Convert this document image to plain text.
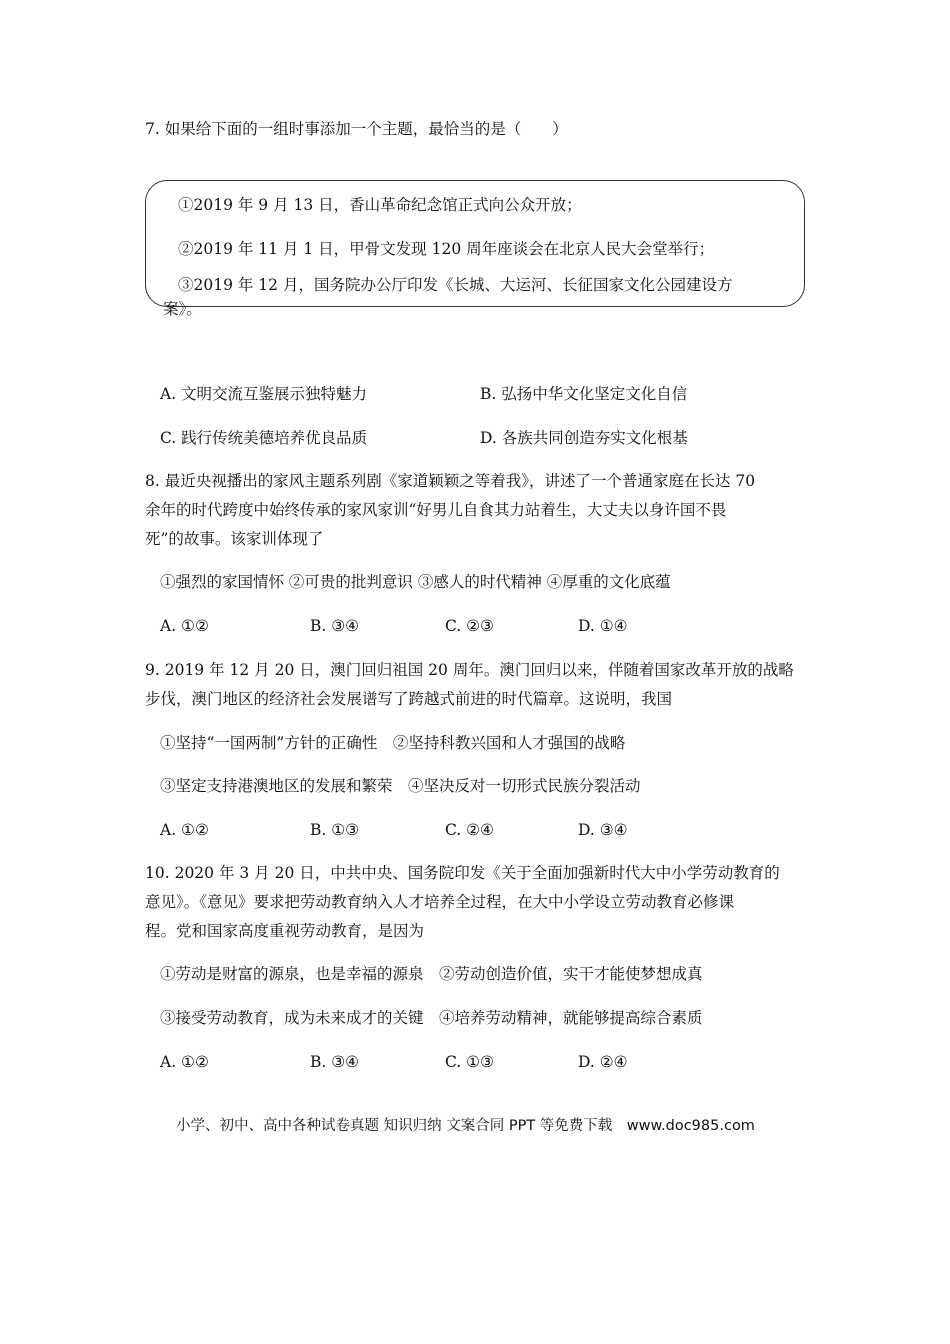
7. 如果给下面的一组时事添加一个主题，最恰当的是（　　）
①2019 年 9 月 13 日，香山革命纪念馆正式向公众开放；
②2019 年 11 月 1 日，甲骨文发现 120 周年座谈会在北京人民大会堂举行；
③2019 年 12 月，国务院办公厅印发《长城、大运河、长征国家文化公园建设方
案》。
A. 文明交流互鉴展示独特魅力	B. 弘扬中华文化坚定文化自信
C. 践行传统美德培养优良品质	D. 各族共同创造夯实文化根基
8. 最近央视播出的家风主题系列剧《家道颖颖之等着我》，讲述了一个普通家庭在长达 70
余年的时代跨度中始终传承的家风家训“好男儿自食其力站着生，大丈夫以身许国不畏
死”的故事。该家训体现了
①强烈的家国情怀 ②可贵的批判意识 ③感人的时代精神 ④厚重的文化底蕴
A. ①②	B. ③④	C. ②③	D. ①④
9. 2019 年 12 月 20 日，澳门回归祖国 20 周年。澳门回归以来，伴随着国家改革开放的战略
步伐，澳门地区的经济社会发展谱写了跨越式前进的时代篇章。这说明，我国
①坚持“一国两制”方针的正确性　②坚持科教兴国和人才强国的战略
③坚定支持港澳地区的发展和繁荣　④坚决反对一切形式民族分裂活动
A. ①②	B. ①③	C. ②④	D. ③④
10. 2020 年 3 月 20 日，中共中央、国务院印发《关于全面加强新时代大中小学劳动教育的
意见》。《意见》要求把劳动教育纳入人才培养全过程，在大中小学设立劳动教育必修课
程。党和国家高度重视劳动教育，是因为
①劳动是财富的源泉，也是幸福的源泉　②劳动创造价值，实干才能使梦想成真
③接受劳动教育，成为未来成才的关键　④培养劳动精神，就能够提高综合素质
A. ①②	B. ③④	C. ①③	D. ②④
小学、初中、高中各种试卷真题 知识归纳 文案合同 PPT 等免费下载　www.doc985.com
